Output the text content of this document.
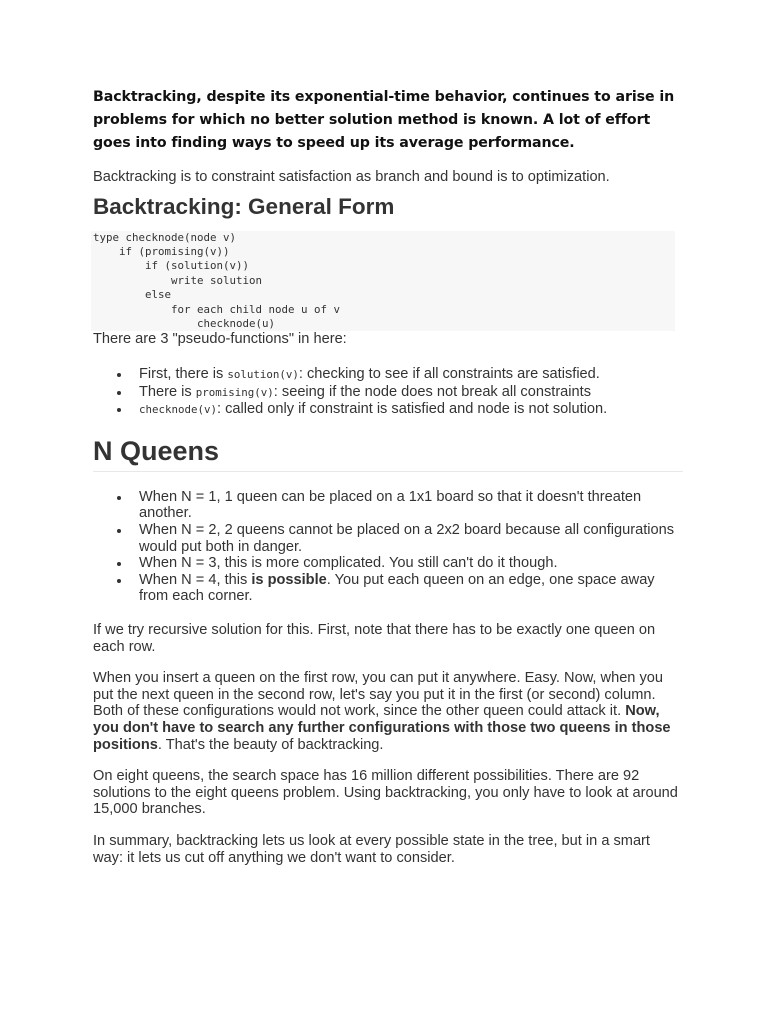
Backtracking, despite its exponential-time behavior, continues to arise in problems for which no better solution method is known. A lot of effort goes into finding ways to speed up its average performance.

Backtracking is to constraint satisfaction as branch and bound is to optimization.

Backtracking: General Form
type checknode(node v)
if (promising(v))
if (solution(v))
write solution
else
for each child node u of v
checknode(u)

There are 3 "pseudo-functions" in here:

First, there is solution(v): checking to see if all constraints are satisfied.
There is promising(v): seeing if the node does not break all constraints
checknode(v): called only if constraint is satisfied and node is not solution.
N Queens
When N = 1, 1 queen can be placed on a 1x1 board so that it doesn't threaten another.
When N = 2, 2 queens cannot be placed on a 2x2 board because all configurations would put both in danger.
When N = 3, this is more complicated. You still can't do it though.
When N = 4, this is possible. You put each queen on an edge, one space away from each corner.

If we try recursive solution for this. First, note that there has to be exactly one queen on each row.

When you insert a queen on the first row, you can put it anywhere. Easy. Now, when you put the next queen in the second row, let's say you put it in the first (or second) column. Both of these configurations would not work, since the other queen could attack it. Now, you don't have to search any further configurations with those two queens in those positions. That's the beauty of backtracking.

On eight queens, the search space has 16 million different possibilities. There are 92 solutions to the eight queens problem. Using backtracking, you only have to look at around 15,000 branches.

In summary, backtracking lets us look at every possible state in the tree, but in a smart way: it lets us cut off anything we don't want to consider.
